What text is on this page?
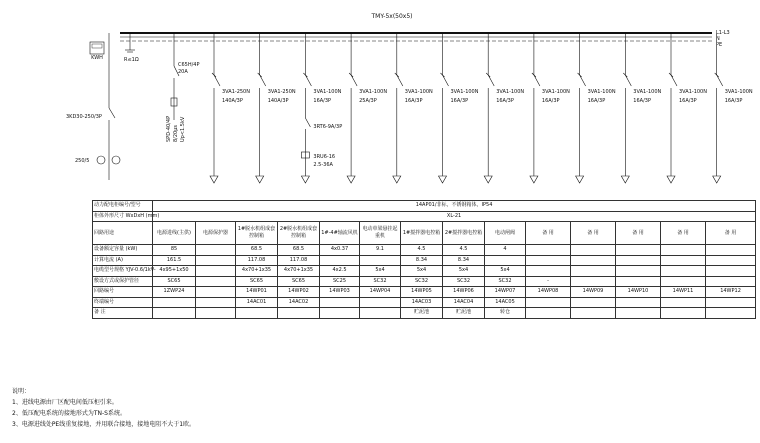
TMY-5x(50x5)
L1-L3
N
PE
KWH	R≤1Ω
C65H/4P
20A
SPD-40/4P 8/20μs Up<1.5kV
3KD30-250/3P
250/5
3VA1-250N
140A/3P
3VA1-250N
140A/3P
3VA1-100N
16A/3P
3RT6-9A/3P
3RU6-16
2.5-36A
3VA1-100N
25A/3P
3VA1-100N
16A/3P
3VA1-100N
16A/3P
3VA1-100N
16A/3P
3VA1-100N
16A/3P
3VA1-100N
16A/3P
3VA1-100N
16A/3P
3VA1-100N
16A/3P
3VA1-100N
16A/3P
动力配电柜编号/型号	14AP01/非标，不锈钢箱体，IP54													
柜体外形尺寸 WxDxH (mm)	XL-21													
回路用途	电源进线(主供)	电源保护器	1#脱水机组成套控制箱	2#脱水机组成套控制箱	1#-4#轴流风机	电动单梁悬挂起重机	1#搅拌器电控箱	2#搅拌器电控箱	电动闸阀	备 用	备 用	备 用	备 用	备 用
设备额定容量 (kW)	85		68.5	68.5	4x0.37	9.1	4.5	4.5	4					
计算电流 (A)	161.5		117.08	117.08			8.34	8.34						
电缆型号规格 YJV-0.6/1kV-	4x95+1x50		4x70+1x35	4x70+1x35	4x2.5	5x4	5x4	5x4	5x4					
敷设方式或保护管径	SC65		SC65	SC65	SC25	SC32	SC32	SC32	SC32	-				
回路编号	1ZWP24		14WP01	14WP02	14WP03	14WP04	14WP05	14WP06	14WP07	14WP08	14WP09	14WP10	14WP11	14WP12
终端编号			14AC01	14AC02			14AC03	14AC04	14AC05					
备 注							贮泥池	贮泥池	转仓					
说明：
1、进线电源由厂区配电间低压柜引来。
2、低压配电系统的接地形式为TN-S系统。
3、电源进线处PE线重复接地，并用联合接地，接地电阻不大于1欧。
